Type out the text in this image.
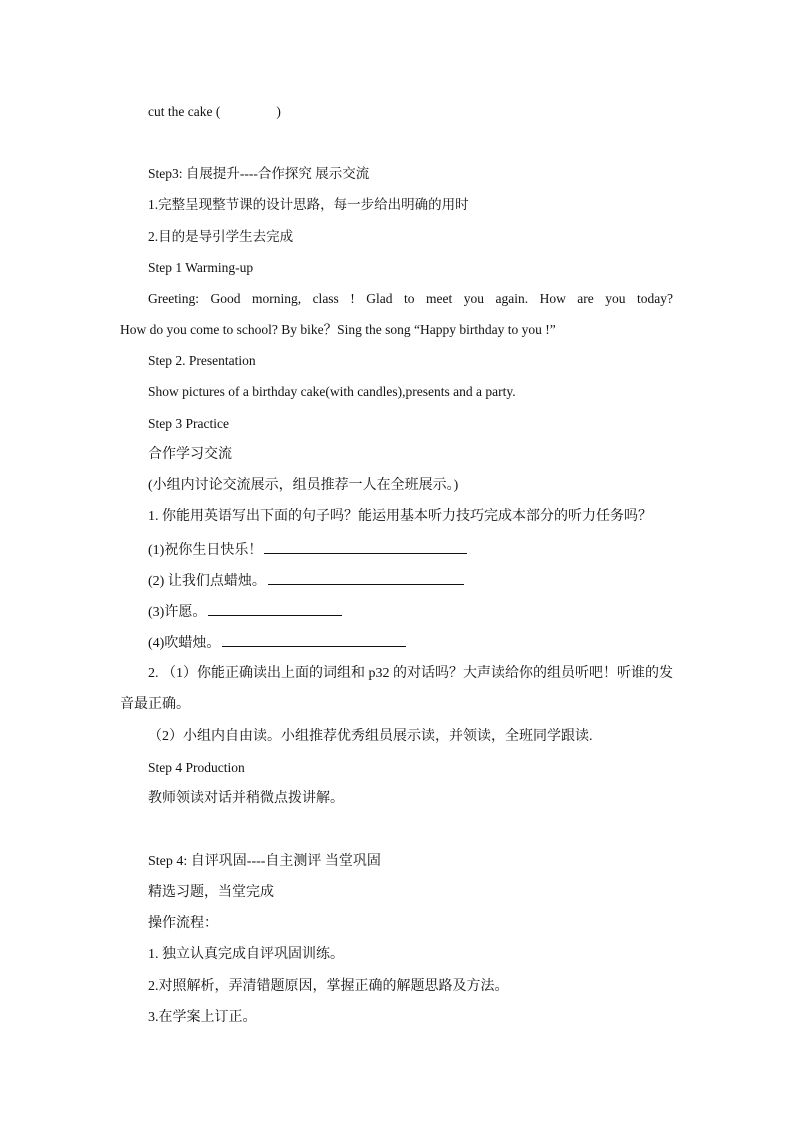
cut the cake (	)
Step3: 自展提升----合作探究 展示交流
1.完整呈现整节课的设计思路，每一步给出明确的用时
2.目的是导引学生去完成
Step 1 Warming-up
Greeting: Good morning, class ! Glad to meet you again. How are you today?
How do you come to school? By bike？Sing the song “Happy birthday to you !”
Step 2. Presentation
Show pictures of a birthday cake(with candles),presents and a party.
Step 3 Practice
合作学习交流
(小组内讨论交流展示，组员推荐一人在全班展示。)
1. 你能用英语写出下面的句子吗？能运用基本听力技巧完成本部分的听力任务吗？
(1)祝你生日快乐！
(2) 让我们点蜡烛。
(3)许愿。
(4)吹蜡烛。
2. （1）你能正确读出上面的词组和 p32 的对话吗？大声读给你的组员听吧！听谁的发
音最正确。
（2）小组内自由读。小组推荐优秀组员展示读，并领读，全班同学跟读.
Step 4 Production
教师领读对话并稍微点拨讲解。
Step 4: 自评巩固----自主测评 当堂巩固
精选习题，当堂完成
操作流程：
1. 独立认真完成自评巩固训练。
2.对照解析，弄清错题原因，掌握正确的解题思路及方法。
3.在学案上订正。
